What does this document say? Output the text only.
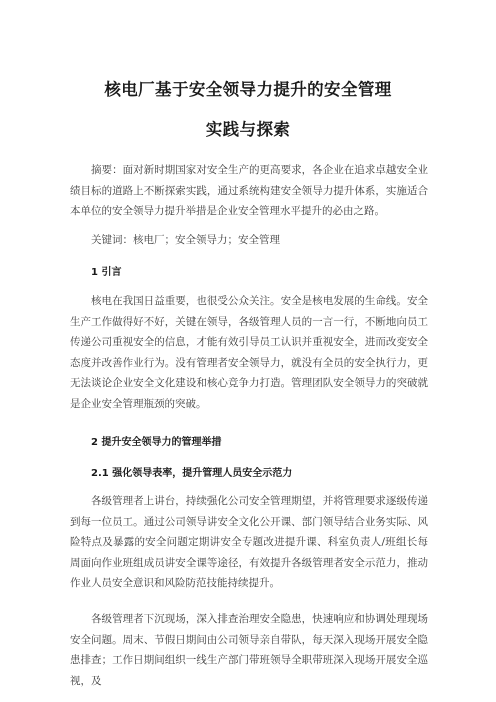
核电厂基于安全领导力提升的安全管理
实践与探索

摘要：面对新时期国家对安全生产的更高要求，各企业在追求卓越安全业绩目标的道路上不断探索实践，通过系统构建安全领导力提升体系，实施适合本单位的安全领导力提升举措是企业安全管理水平提升的必由之路。

关键词：核电厂；安全领导力；安全管理

1 引言

核电在我国日益重要，也很受公众关注。安全是核电发展的生命线。安全生产工作做得好不好，关键在领导，各级管理人员的一言一行，不断地向员工传递公司重视安全的信息，才能有效引导员工认识并重视安全，进而改变安全态度并改善作业行为。没有管理者安全领导力，就没有全员的安全执行力，更无法谈论企业安全文化建设和核心竞争力打造。管理团队安全领导力的突破就是企业安全管理瓶颈的突破。

2 提升安全领导力的管理举措

2.1 强化领导表率，提升管理人员安全示范力

各级管理者上讲台，持续强化公司安全管理期望，并将管理要求逐级传递到每一位员工。通过公司领导讲安全文化公开课、部门领导结合业务实际、风险特点及暴露的安全问题定期讲安全专题改进提升课、科室负责人/班组长每周面向作业班组成员讲安全课等途径，有效提升各级管理者安全示范力，推动作业人员安全意识和风险防范技能持续提升。

各级管理者下沉现场，深入排查治理安全隐患，快速响应和协调处理现场安全问题。周末、节假日期间由公司领导亲自带队，每天深入现场开展安全隐患排查；工作日期间组织一线生产部门带班领导全职带班深入现场开展安全巡视，及
